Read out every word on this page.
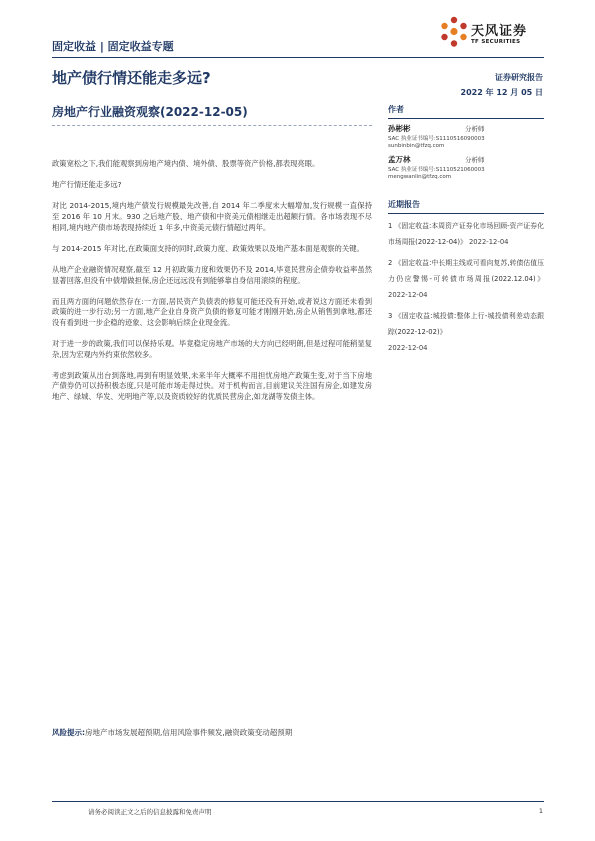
固定收益 | 固定收益专题
天风证券
TF SECURITIES
地产债行情还能走多远?
房地产行业融资观察(2022-12-05)
证券研究报告
2022 年 12 月 05 日
作者
孙彬彬	分析师
SAC 执业证书编号:S1110516090003
sunbinbin@tfzq.com
孟万林	分析师
SAC 执业证书编号:S1110521060003
mengwanlin@tfzq.com
近期报告
1 《固定收益:本周资产证券化市场回顾-资产证券化市场周报(2022-12-04)》 2022-12-04
2 《固定收益:中长期主线或可看向复苏,转债估值压力仍应警惕-可转债市场周报(2022.12.04)》 2022-12-04
3 《固定收益:城投债:整体上行-城投债利差动态跟踪(2022-12-02)》
2022-12-04

政策宽松之下,我们能观察到房地产境内债、境外债、股票等资产价格,都表现亮眼。

地产行情还能走多远?

对比 2014-2015,境内地产债发行规模最先改善,自 2014 年二季度末大幅增加,发行规模一直保持至 2016 年 10 月末。930 之后地产股、地产债和中资美元债相继走出超额行情。各市场表现不尽相同,境内地产债市场表现持续近 1 年多,中资美元债行情超过两年。

与 2014-2015 年对比,在政策面支持的同时,政策力度、政策效果以及地产基本面是观察的关键。

从地产企业融资情况观察,截至 12 月初政策力度和效果仍不及 2014,毕竟民营房企债券收益率虽然显著回落,但没有中债增做担保,房企还远远没有到能够靠自身信用滚续的程度。

而且两方面的问题依然存在:一方面,居民资产负债表的修复可能还没有开始,或者说这方面还未看到政策的进一步行动;另一方面,地产企业自身资产负债的修复可能才刚刚开始,房企从销售到拿地,都还没有看到进一步企稳的迹象、这会影响后续企业现金流。

对于进一步的政策,我们可以保持乐观。毕竟稳定房地产市场的大方向已经明朗,但是过程可能稍显复杂,因为宏观内外约束依然较多。

考虑到政策从出台到落地,再到有明显效果,未来半年大概率不用担忧房地产政策生变,对于当下房地产债券仍可以持积极态度,只是可能市场走得过快。对于机构而言,目前建议关注国有房企,如建发房地产、绿城、华发、光明地产等,以及资质较好的优质民营房企,如龙湖等发债主体。

风险提示:房地产市场发展超预期,信用风险事件频发,融资政策变动超预期
请务必阅读正文之后的信息披露和免责声明	1
